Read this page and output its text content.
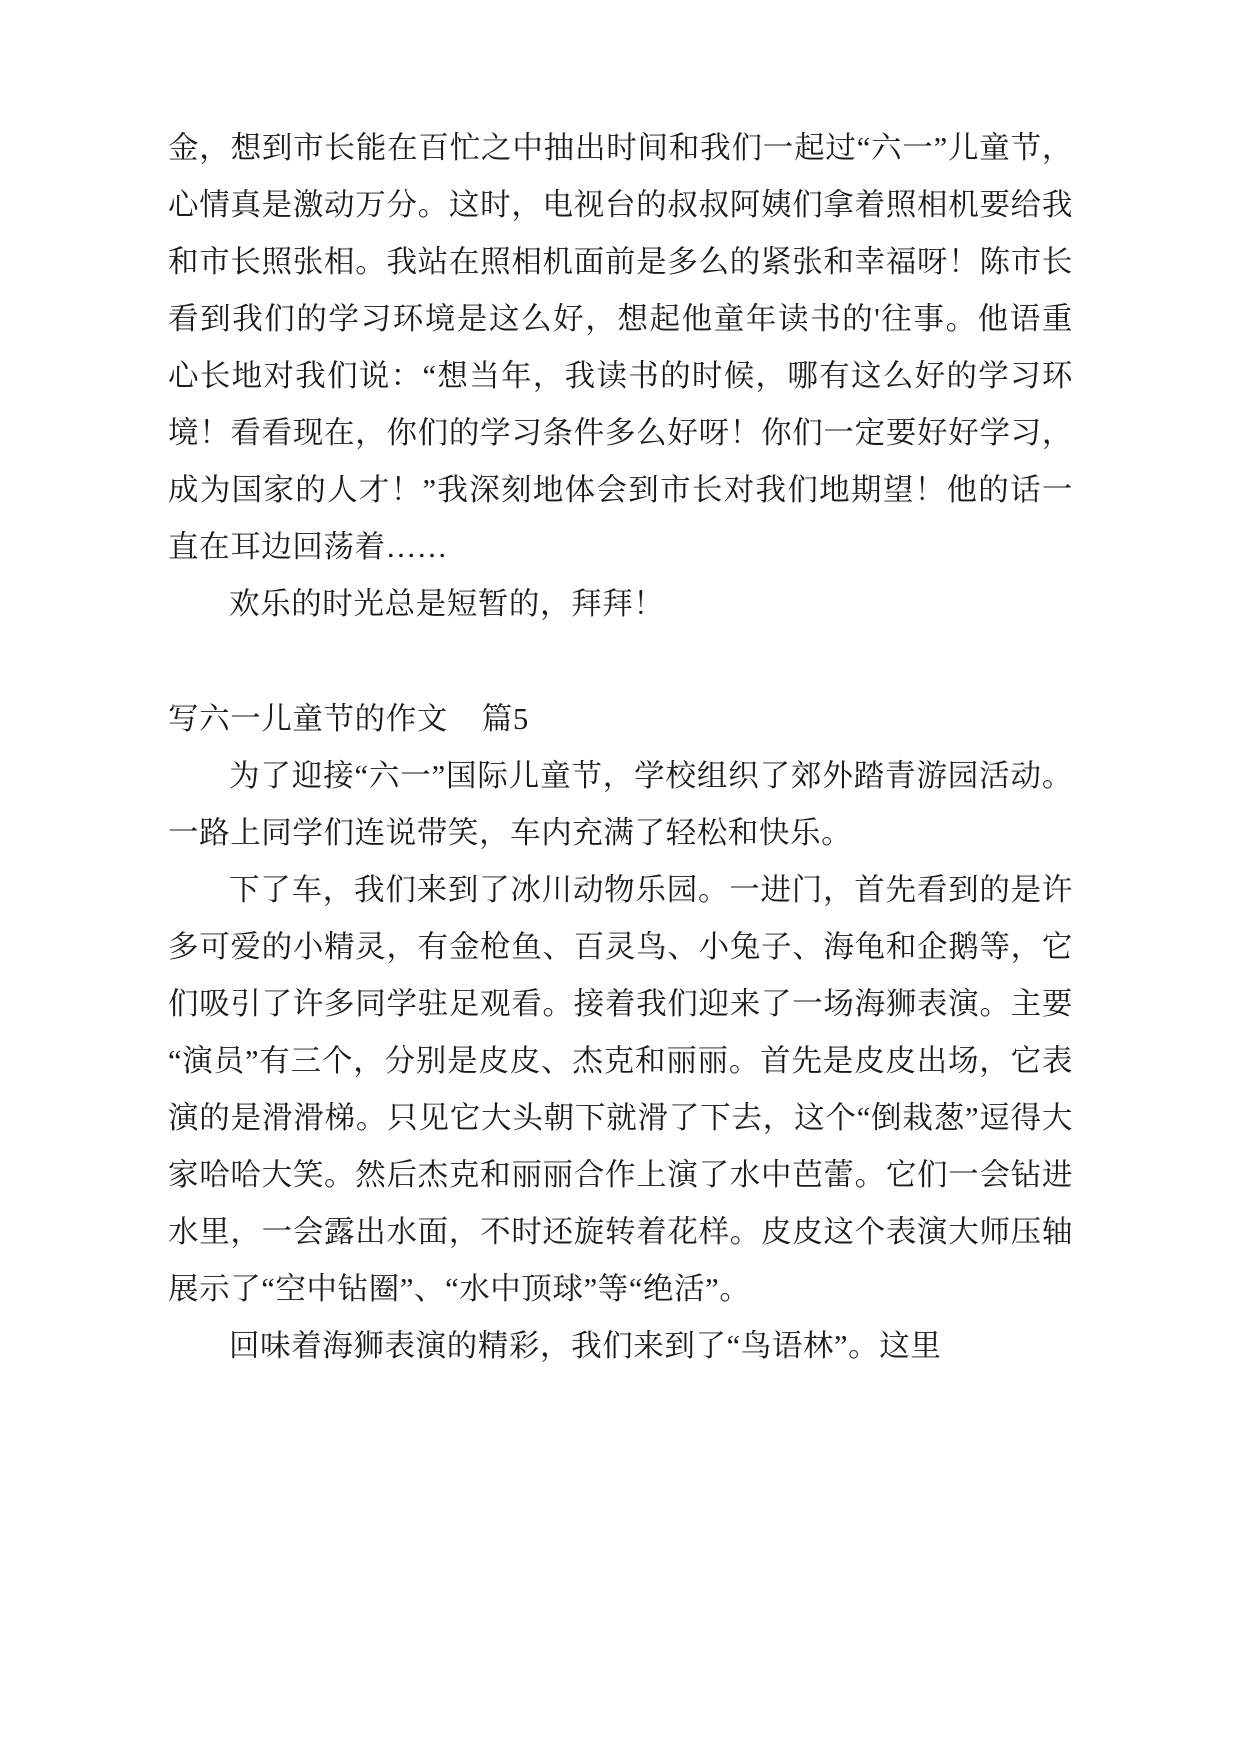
金，想到市长能在百忙之中抽出时间和我们一起过“六一”儿童节，心情真是激动万分。这时，电视台的叔叔阿姨们拿着照相机要给我和市长照张相。我站在照相机面前是多么的紧张和幸福呀！陈市长看到我们的学习环境是这么好，想起他童年读书的'往事。他语重心长地对我们说：“想当年，我读书的时候，哪有这么好的学习环境！看看现在，你们的学习条件多么好呀！你们一定要好好学习，成为国家的人才！”我深刻地体会到市长对我们地期望！他的话一直在耳边回荡着……

欢乐的时光总是短暂的，拜拜！

写六一儿童节的作文 篇5

为了迎接“六一”国际儿童节，学校组织了郊外踏青游园活动。一路上同学们连说带笑，车内充满了轻松和快乐。

下了车，我们来到了冰川动物乐园。一进门，首先看到的是许多可爱的小精灵，有金枪鱼、百灵鸟、小兔子、海龟和企鹅等，它们吸引了许多同学驻足观看。接着我们迎来了一场海狮表演。主要“演员”有三个，分别是皮皮、杰克和丽丽。首先是皮皮出场，它表演的是滑滑梯。只见它大头朝下就滑了下去，这个“倒栽葱”逗得大家哈哈大笑。然后杰克和丽丽合作上演了水中芭蕾。它们一会钻进水里，一会露出水面，不时还旋转着花样。皮皮这个表演大师压轴展示了“空中钻圈”、“水中顶球”等“绝活”。

回味着海狮表演的精彩，我们来到了“鸟语林”。这里
